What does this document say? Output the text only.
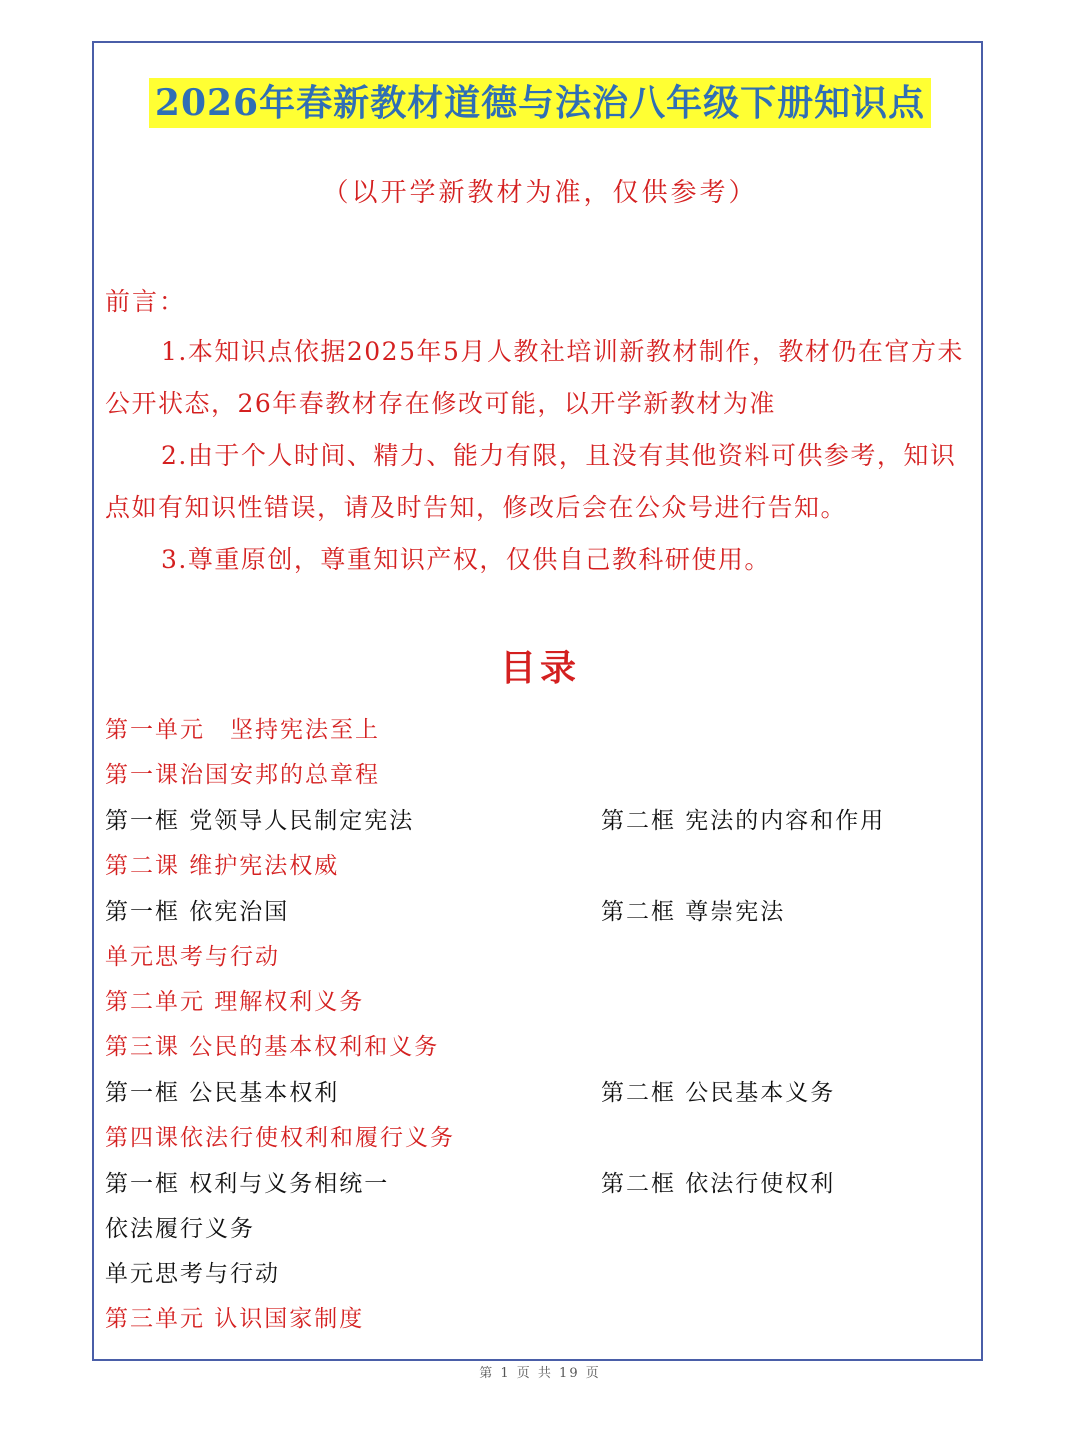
2026年春新教材道德与法治八年级下册知识点
（以开学新教材为准，仅供参考）
前言：

1.本知识点依据2025年5月人教社培训新教材制作，教材仍在官方未公开状态，26年春教材存在修改可能，以开学新教材为准

2.由于个人时间、精力、能力有限，且没有其他资料可供参考，知识点如有知识性错误，请及时告知，修改后会在公众号进行告知。

3.尊重原创，尊重知识产权，仅供自己教科研使用。

目录
第一单元　坚持宪法至上
第一课治国安邦的总章程
第一框 党领导人民制定宪法	第二框 宪法的内容和作用
第二课 维护宪法权威
第一框 依宪治国	第二框 尊崇宪法
单元思考与行动
第二单元 理解权利义务
第三课 公民的基本权利和义务
第一框 公民基本权利	第二框 公民基本义务
第四课依法行使权利和履行义务
第一框 权利与义务相统一	第二框 依法行使权利
依法履行义务
单元思考与行动
第三单元 认识国家制度
第 1 页 共 19 页
